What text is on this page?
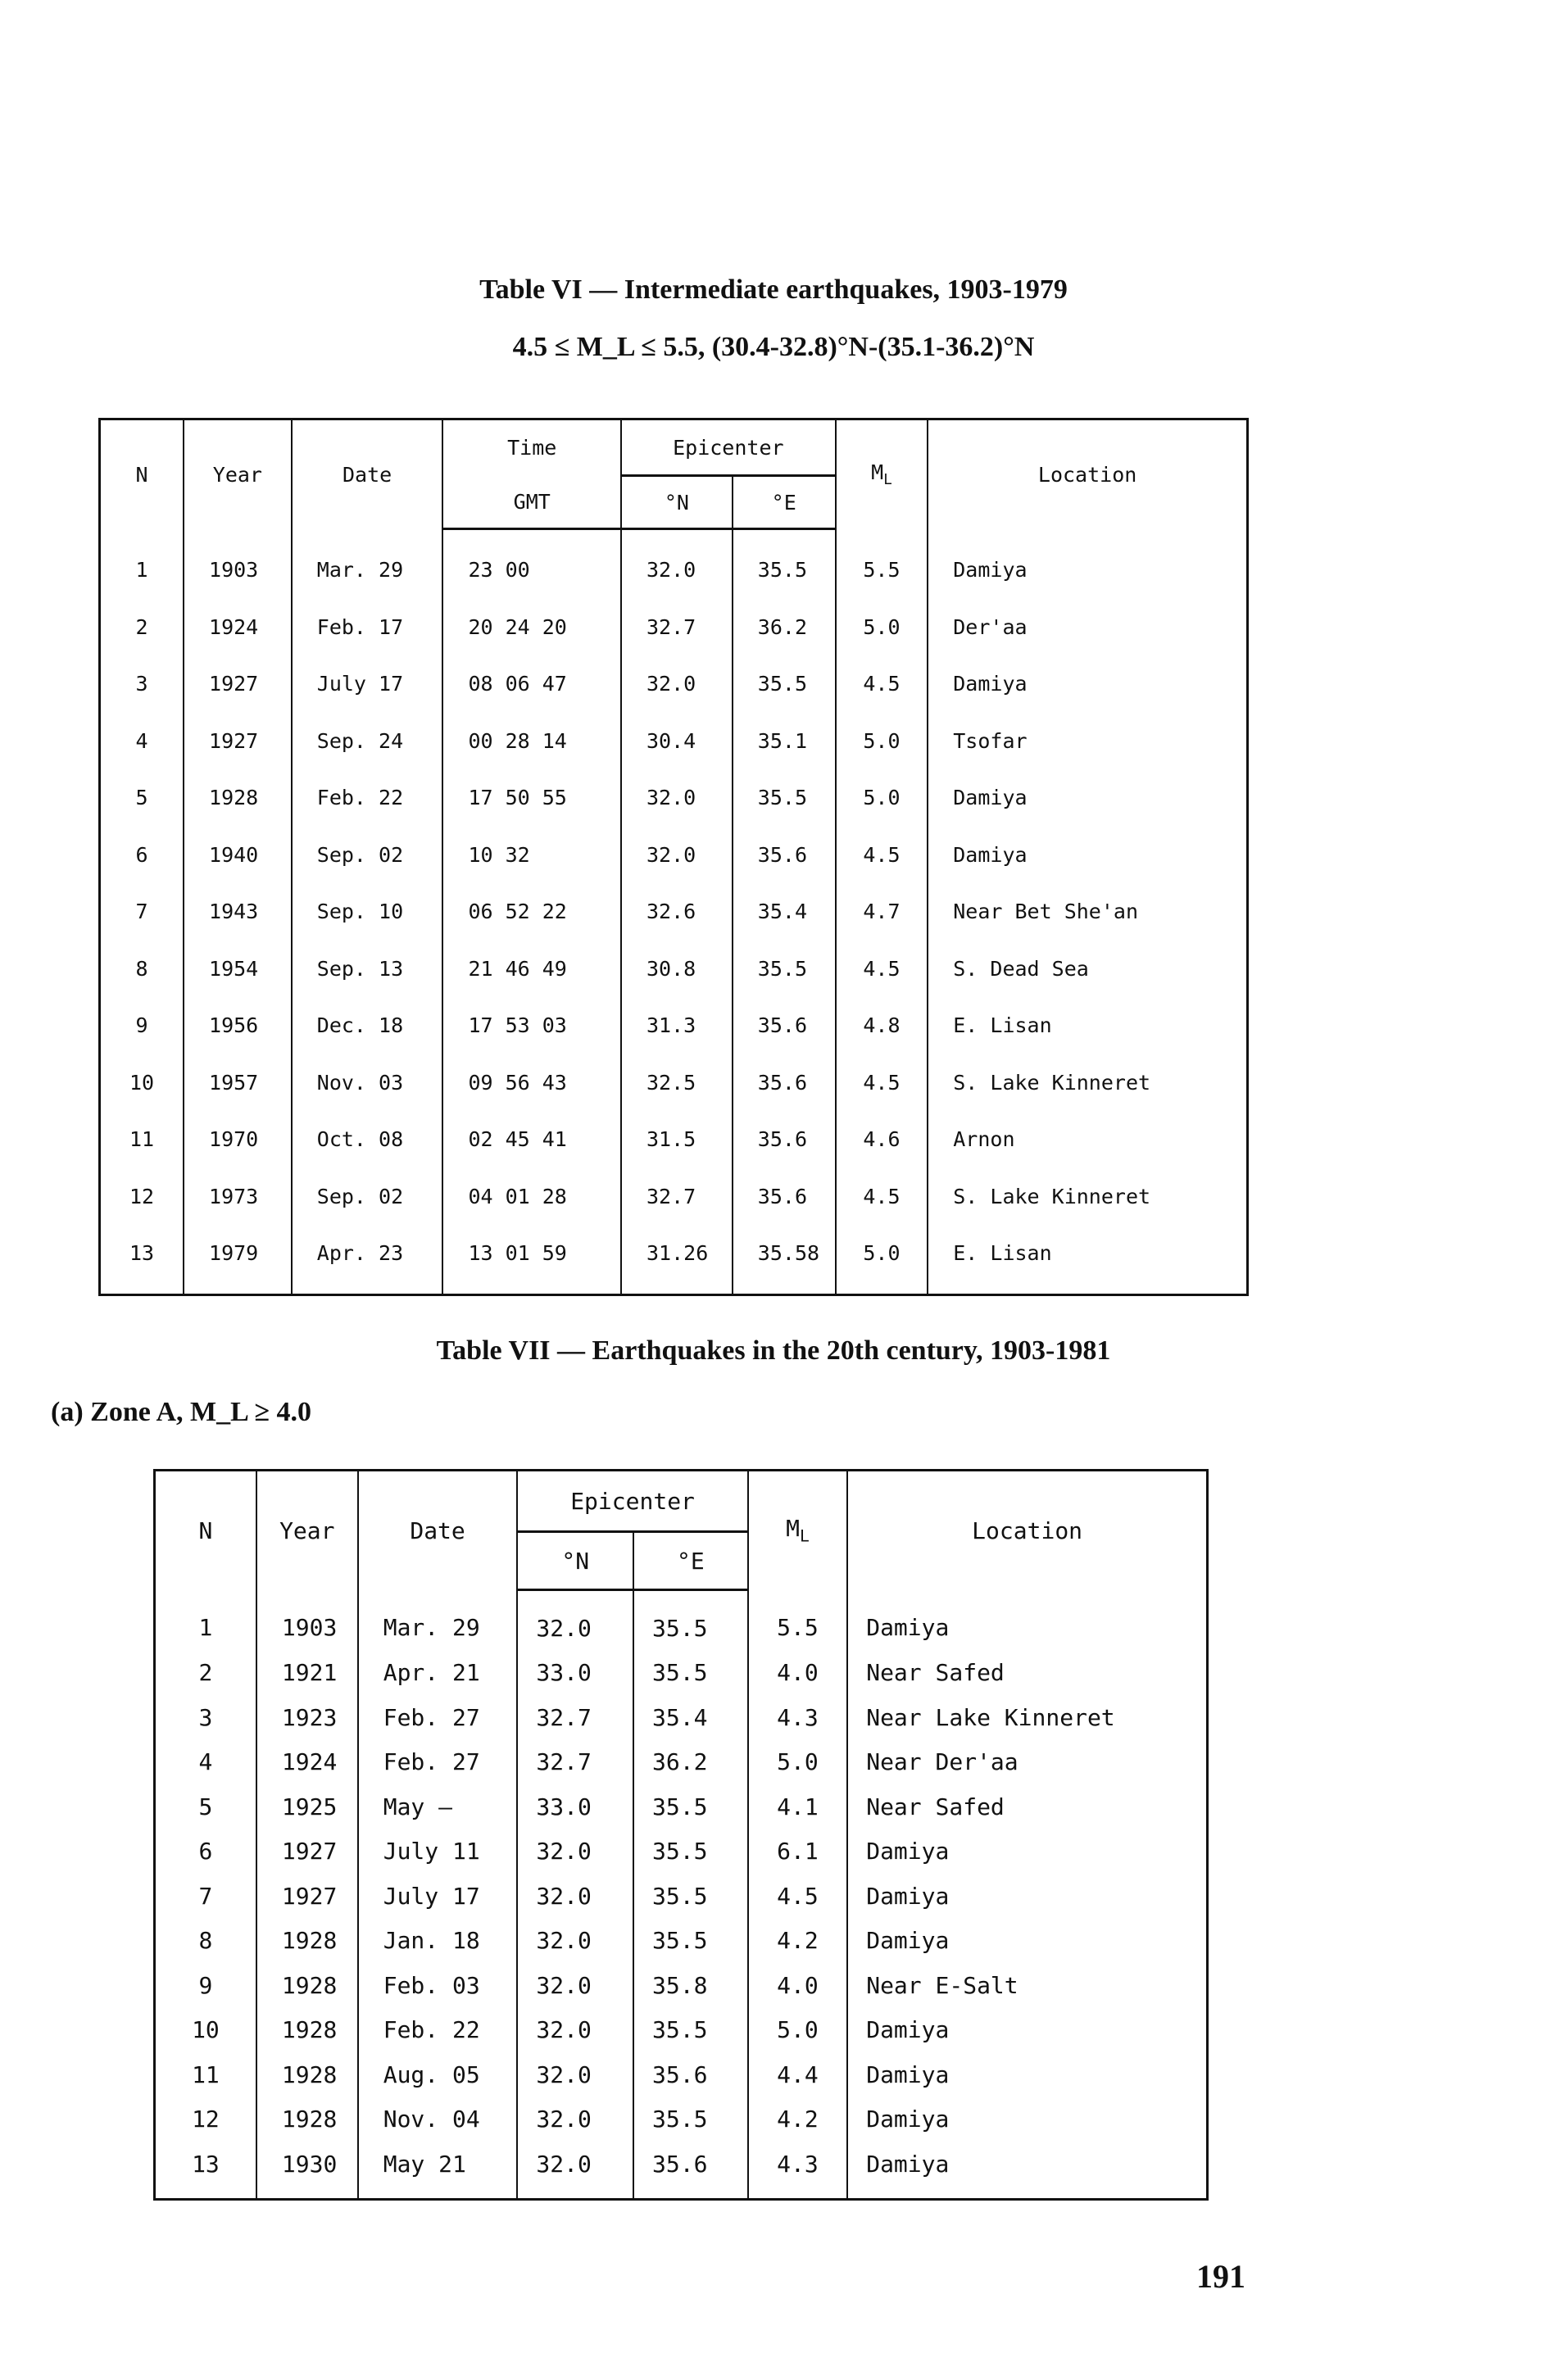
Table VI — Intermediate earthquakes, 1903-1979
4.5 ≤ M_L ≤ 5.5, (30.4-32.8)°N-(35.1-36.2)°N
N	Year	Date	Time	Epicenter		$M_L$	Location
			GMT	°N	°E		
1	1903	Mar. 29	23 00	32.0	35.5	5.5	Damiya
2	1924	Feb. 17	20 24 20	32.7	36.2	5.0	Der'aa
3	1927	July 17	08 06 47	32.0	35.5	4.5	Damiya
4	1927	Sep. 24	00 28 14	30.4	35.1	5.0	Tsofar
5	1928	Feb. 22	17 50 55	32.0	35.5	5.0	Damiya
6	1940	Sep. 02	10 32	32.0	35.6	4.5	Damiya
7	1943	Sep. 10	06 52 22	32.6	35.4	4.7	Near Bet She'an
8	1954	Sep. 13	21 46 49	30.8	35.5	4.5	S. Dead Sea
9	1956	Dec. 18	17 53 03	31.3	35.6	4.8	E. Lisan
10	1957	Nov. 03	09 56 43	32.5	35.6	4.5	S. Lake Kinneret
11	1970	Oct. 08	02 45 41	31.5	35.6	4.6	Arnon
12	1973	Sep. 02	04 01 28	32.7	35.6	4.5	S. Lake Kinneret
13	1979	Apr. 23	13 01 59	31.26	35.58	5.0	E. Lisan
Table VII — Earthquakes in the 20th century, 1903-1981
(a) Zone A, M_L ≥ 4.0
N	Year	Date	Epicenter		$M_L$	Location
			°N	°E		
1	1903	Mar. 29	32.0	35.5	5.5	Damiya
2	1921	Apr. 21	33.0	35.5	4.0	Near Safed
3	1923	Feb. 27	32.7	35.4	4.3	Near Lake Kinneret
4	1924	Feb. 27	32.7	36.2	5.0	Near Der'aa
5	1925	May —	33.0	35.5	4.1	Near Safed
6	1927	July 11	32.0	35.5	6.1	Damiya
7	1927	July 17	32.0	35.5	4.5	Damiya
8	1928	Jan. 18	32.0	35.5	4.2	Damiya
9	1928	Feb. 03	32.0	35.8	4.0	Near E-Salt
10	1928	Feb. 22	32.0	35.5	5.0	Damiya
11	1928	Aug. 05	32.0	35.6	4.4	Damiya
12	1928	Nov. 04	32.0	35.5	4.2	Damiya
13	1930	May 21	32.0	35.6	4.3	Damiya
191
